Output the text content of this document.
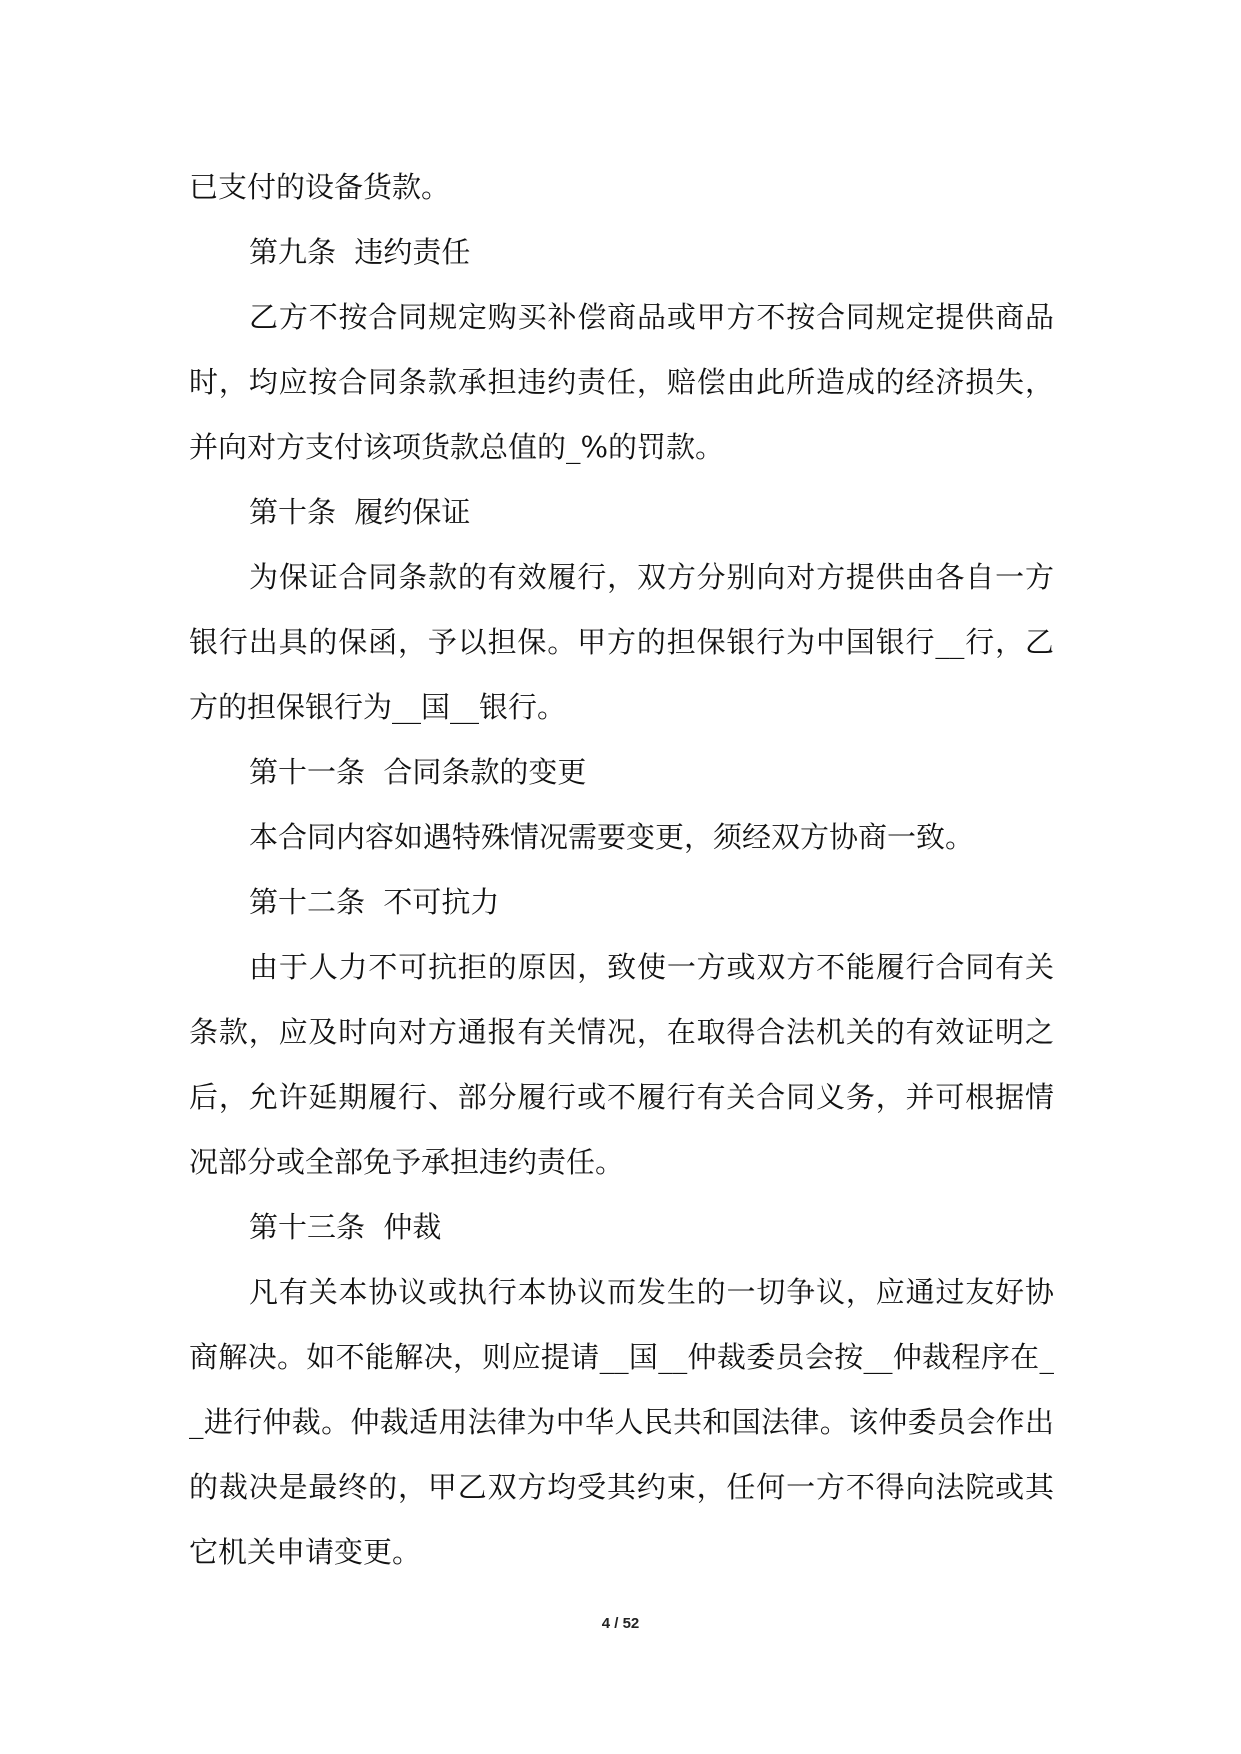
已支付的设备货款。

第九条  违约责任

乙方不按合同规定购买补偿商品或甲方不按合同规定提供商品时，均应按合同条款承担违约责任，赔偿由此所造成的经济损失，并向对方支付该项货款总值的_%的罚款。

第十条  履约保证

为保证合同条款的有效履行，双方分别向对方提供由各自一方银行出具的保函，予以担保。甲方的担保银行为中国银行__行，乙方的担保银行为__国__银行。

第十一条  合同条款的变更

本合同内容如遇特殊情况需要变更，须经双方协商一致。

第十二条  不可抗力

由于人力不可抗拒的原因，致使一方或双方不能履行合同有关条款，应及时向对方通报有关情况，在取得合法机关的有效证明之后，允许延期履行、部分履行或不履行有关合同义务，并可根据情况部分或全部免予承担违约责任。

第十三条  仲裁

凡有关本协议或执行本协议而发生的一切争议，应通过友好协商解决。如不能解决，则应提请__国__仲裁委员会按__仲裁程序在__进行仲裁。仲裁适用法律为中华人民共和国法律。该仲委员会作出的裁决是最终的，甲乙双方均受其约束，任何一方不得向法院或其它机关申请变更。

4 / 52
